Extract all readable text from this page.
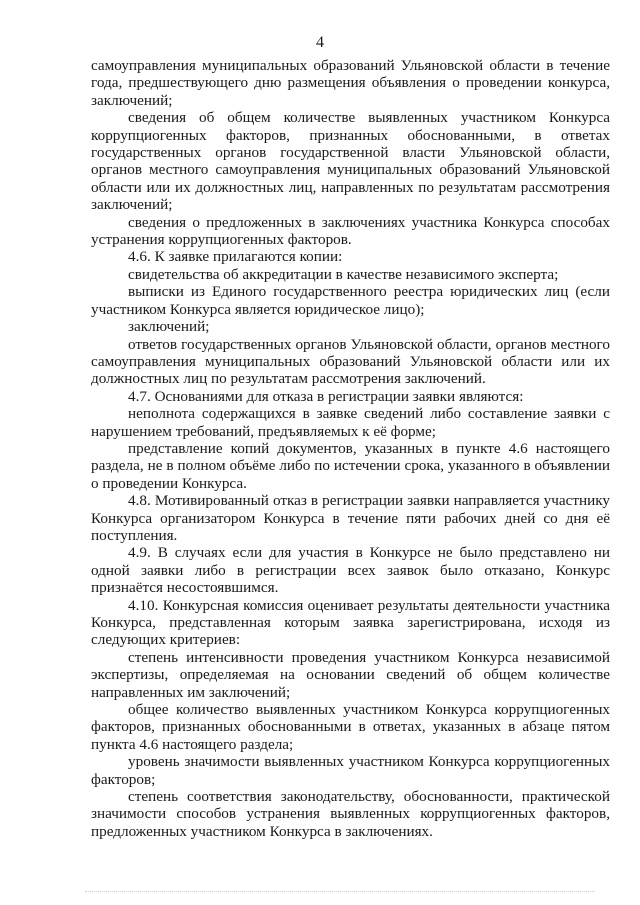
4

самоуправления муниципальных образований Ульяновской области в течение года, предшествующего дню размещения объявления о проведении конкурса, заключений;

сведения об общем количестве выявленных участником Конкурса коррупциогенных факторов, признанных обоснованными, в ответах государственных органов государственной власти Ульяновской области, органов местного самоуправления муниципальных образований Ульяновской области или их должностных лиц, направленных по результатам рассмотрения заключений;

сведения о предложенных в заключениях участника Конкурса способах устранения коррупциогенных факторов.

4.6. К заявке прилагаются копии:

свидетельства об аккредитации в качестве независимого эксперта;

выписки из Единого государственного реестра юридических лиц (если участником Конкурса является юридическое лицо);

заключений;

ответов государственных органов Ульяновской области, органов местного самоуправления муниципальных образований Ульяновской области или их должностных лиц по результатам рассмотрения заключений.

4.7. Основаниями для отказа в регистрации заявки являются:

неполнота содержащихся в заявке сведений либо составление заявки с нарушением требований, предъявляемых к её форме;

представление копий документов, указанных в пункте 4.6 настоящего раздела, не в полном объёме либо по истечении срока, указанного в объявлении о проведении Конкурса.

4.8. Мотивированный отказ в регистрации заявки направляется участнику Конкурса организатором Конкурса в течение пяти рабочих дней со дня её поступления.

4.9. В случаях если для участия в Конкурсе не было представлено ни одной заявки либо в регистрации всех заявок было отказано, Конкурс признаётся несостоявшимся.

4.10. Конкурсная комиссия оценивает результаты деятельности участника Конкурса, представленная которым заявка зарегистрирована, исходя из следующих критериев:

степень интенсивности проведения участником Конкурса независимой экспертизы, определяемая на основании сведений об общем количестве направленных им заключений;

общее количество выявленных участником Конкурса коррупциогенных факторов, признанных обоснованными в ответах, указанных в абзаце пятом пункта 4.6 настоящего раздела;

уровень значимости выявленных участником Конкурса коррупциогенных факторов;

степень соответствия законодательству, обоснованности, практической значимости способов устранения выявленных коррупциогенных факторов, предложенных участником Конкурса в заключениях.
